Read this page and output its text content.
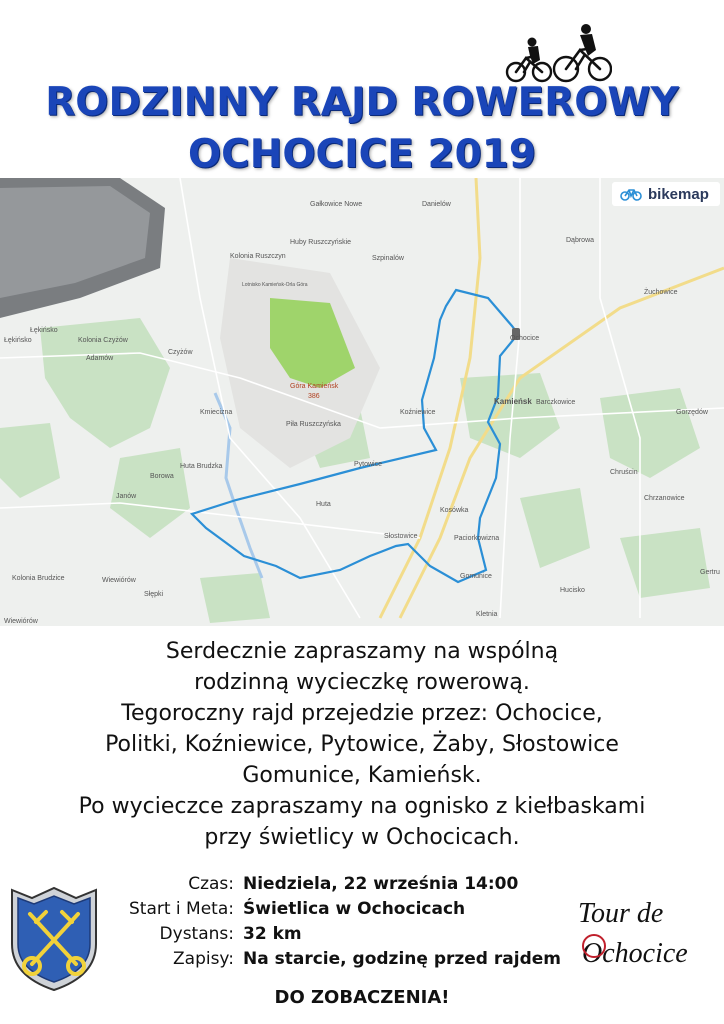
RODZINNY RAJD ROWEROWY
OCHOCICE 2019
Gałkowice Nowe	Danielów
Dąbrowa
Huby Ruszczyńskie
Kolonia Ruszczyn	Szpinalów
Lotnisko Kamieńsk-Orla Góra
Żuchowice
Łękińsko
Łękińsko	Kolonia Czyżów
Adamów
Czyżów
Ochocice
Góra Kamieńsk
386
Kamieńsk Barczkowice
Kmiecizna	Koźniewice	Gorzędów
Piła Ruszczyńska
Pytowice
Chruścin
Huta Brudzka
Borowa
Janów
Huta
Kosówka
Chrzanowice
Słostowice	Paciorkowizna
Gomunice
Gertru
Kolonia Brudzice	Wiewiórów
Wiewiórów
Kletnia
Hucisko
Słępki
bikemap
Serdecznie zapraszamy na wspólną
rodzinną wycieczkę rowerową.
Tegoroczny rajd przejedzie przez: Ochocice,
Politki, Koźniewice, Pytowice, Żaby, Słostowice
Gomunice, Kamieńsk.
Po wycieczce zapraszamy na ognisko z kiełbaskami
przy świetlicy w Ochocicach.
Czas: Niedziela, 22 września 14:00
Start i Meta: Świetlica w Ochocicach
Dystans: 32 km
Zapisy: Na starcie, godzinę przed rajdem
Tour de
Ochocice
DO ZOBACZENIA!
